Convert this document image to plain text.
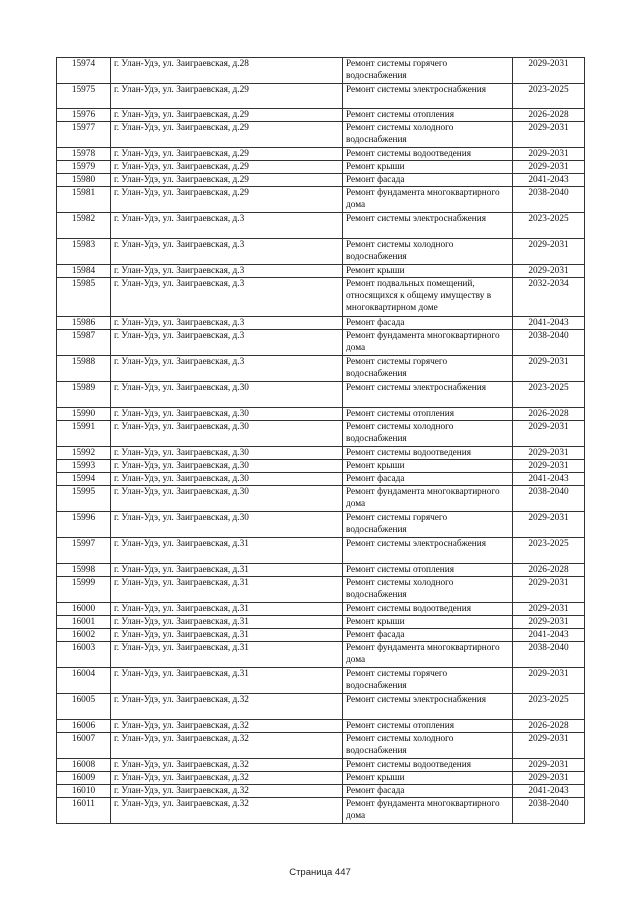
15974	г. Улан-Удэ, ул. Заиграевская, д.28	Ремонт системы горячего водоснабжения	2029-2031
15975	г. Улан-Удэ, ул. Заиграевская, д.29	Ремонт системы электроснабжения	2023-2025
15976	г. Улан-Удэ, ул. Заиграевская, д.29	Ремонт системы отопления	2026-2028
15977	г. Улан-Удэ, ул. Заиграевская, д.29	Ремонт системы холодного водоснабжения	2029-2031
15978	г. Улан-Удэ, ул. Заиграевская, д.29	Ремонт системы водоотведения	2029-2031
15979	г. Улан-Удэ, ул. Заиграевская, д.29	Ремонт крыши	2029-2031
15980	г. Улан-Удэ, ул. Заиграевская, д.29	Ремонт фасада	2041-2043
15981	г. Улан-Удэ, ул. Заиграевская, д.29	Ремонт фундамента многоквартирного дома	2038-2040
15982	г. Улан-Удэ, ул. Заиграевская, д.3	Ремонт системы электроснабжения	2023-2025
15983	г. Улан-Удэ, ул. Заиграевская, д.3	Ремонт системы холодного водоснабжения	2029-2031
15984	г. Улан-Удэ, ул. Заиграевская, д.3	Ремонт крыши	2029-2031
15985	г. Улан-Удэ, ул. Заиграевская, д.3	Ремонт подвальных помещений, относящихся к общему имуществу в многоквартирном доме	2032-2034
15986	г. Улан-Удэ, ул. Заиграевская, д.3	Ремонт фасада	2041-2043
15987	г. Улан-Удэ, ул. Заиграевская, д.3	Ремонт фундамента многоквартирного дома	2038-2040
15988	г. Улан-Удэ, ул. Заиграевская, д.3	Ремонт системы горячего водоснабжения	2029-2031
15989	г. Улан-Удэ, ул. Заиграевская, д.30	Ремонт системы электроснабжения	2023-2025
15990	г. Улан-Удэ, ул. Заиграевская, д.30	Ремонт системы отопления	2026-2028
15991	г. Улан-Удэ, ул. Заиграевская, д.30	Ремонт системы холодного водоснабжения	2029-2031
15992	г. Улан-Удэ, ул. Заиграевская, д.30	Ремонт системы водоотведения	2029-2031
15993	г. Улан-Удэ, ул. Заиграевская, д.30	Ремонт крыши	2029-2031
15994	г. Улан-Удэ, ул. Заиграевская, д.30	Ремонт фасада	2041-2043
15995	г. Улан-Удэ, ул. Заиграевская, д.30	Ремонт фундамента многоквартирного дома	2038-2040
15996	г. Улан-Удэ, ул. Заиграевская, д.30	Ремонт системы горячего водоснабжения	2029-2031
15997	г. Улан-Удэ, ул. Заиграевская, д.31	Ремонт системы электроснабжения	2023-2025
15998	г. Улан-Удэ, ул. Заиграевская, д.31	Ремонт системы отопления	2026-2028
15999	г. Улан-Удэ, ул. Заиграевская, д.31	Ремонт системы холодного водоснабжения	2029-2031
16000	г. Улан-Удэ, ул. Заиграевская, д.31	Ремонт системы водоотведения	2029-2031
16001	г. Улан-Удэ, ул. Заиграевская, д.31	Ремонт крыши	2029-2031
16002	г. Улан-Удэ, ул. Заиграевская, д.31	Ремонт фасада	2041-2043
16003	г. Улан-Удэ, ул. Заиграевская, д.31	Ремонт фундамента многоквартирного дома	2038-2040
16004	г. Улан-Удэ, ул. Заиграевская, д.31	Ремонт системы горячего водоснабжения	2029-2031
16005	г. Улан-Удэ, ул. Заиграевская, д.32	Ремонт системы электроснабжения	2023-2025
16006	г. Улан-Удэ, ул. Заиграевская, д.32	Ремонт системы отопления	2026-2028
16007	г. Улан-Удэ, ул. Заиграевская, д.32	Ремонт системы холодного водоснабжения	2029-2031
16008	г. Улан-Удэ, ул. Заиграевская, д.32	Ремонт системы водоотведения	2029-2031
16009	г. Улан-Удэ, ул. Заиграевская, д.32	Ремонт крыши	2029-2031
16010	г. Улан-Удэ, ул. Заиграевская, д.32	Ремонт фасада	2041-2043
16011	г. Улан-Удэ, ул. Заиграевская, д.32	Ремонт фундамента многоквартирного дома	2038-2040
Страница 447
